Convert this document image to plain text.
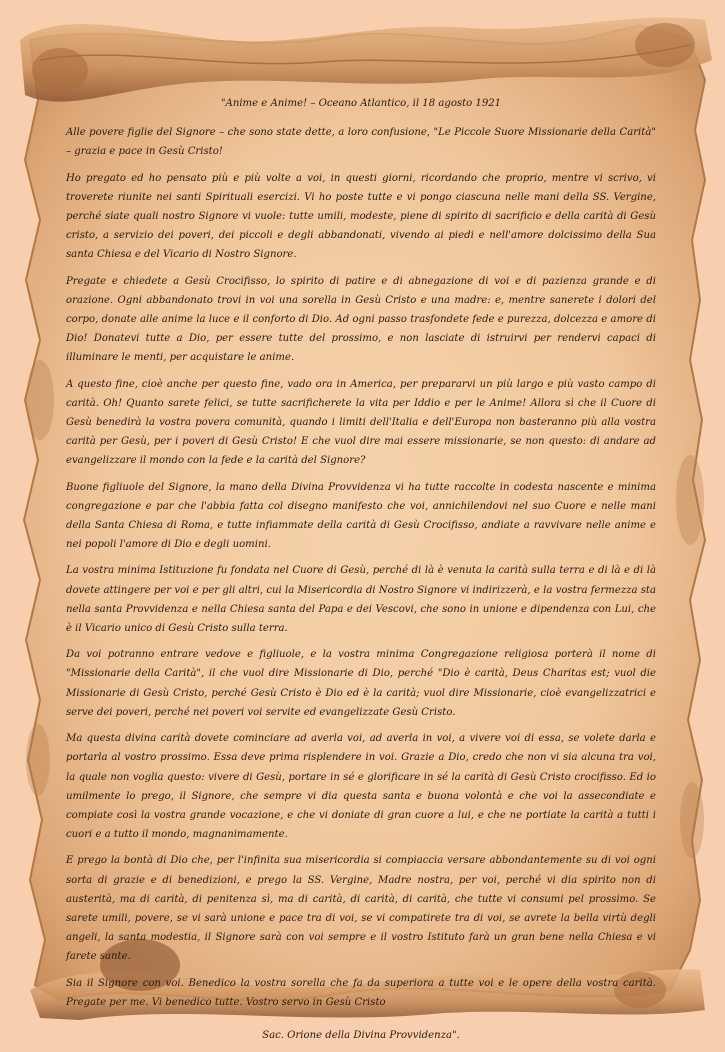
"Anime e Anime! – Oceano Atlantico, il 18 agosto 1921

Alle povere figlie del Signore – che sono state dette, a loro confusione, "Le Piccole Suore Missionarie della Carità" – grazia e pace in Gesù Cristo!

Ho pregato ed ho pensato più e più volte a voi, in questi giorni, ricordando che proprio, mentre vi scrivo, vi troverete riunite nei santi Spirituali esercizi. Vi ho poste tutte e vi pongo ciascuna nelle mani della SS. Vergine, perché siate quali nostro Signore vi vuole: tutte umili, modeste, piene di spirito di sacrificio e della carità di Gesù cristo, a servizio dei poveri, dei piccoli e degli abbandonati, vivendo ai piedi e nell'amore dolcissimo della Sua santa Chiesa e del Vicario di Nostro Signore.

Pregate e chiedete a Gesù Crocifisso, lo spirito di patire e di abnegazione di voi e di pazienza grande e di orazione. Ogni abbandonato trovi in voi una sorella in Gesù Cristo e una madre: e, mentre sanerete i dolori del corpo, donate alle anime la luce e il conforto di Dio. Ad ogni passo trasfondete fede e purezza, dolcezza e amore di Dio! Donatevi tutte a Dio, per essere tutte del prossimo, e non lasciate di istruirvi per rendervi capaci di illuminare le menti, per acquistare le anime.

A questo fine, cioè anche per questo fine, vado ora in America, per prepararvi un più largo e più vasto campo di carità. Oh! Quanto sarete felici, se tutte sacrificherete la vita per Iddio e per le Anime! Allora sì che il Cuore di Gesù benedirà la vostra povera comunità, quando i limiti dell'Italia e dell'Europa non basteranno più alla vostra carità per Gesù, per i poveri di Gesù Cristo! E che vuol dire mai essere missionarie, se non questo: di andare ad evangelizzare il mondo con la fede e la carità del Signore?

Buone figliuole del Signore, la mano della Divina Provvidenza vi ha tutte raccolte in codesta nascente e minima congregazione e par che l'abbia fatta col disegno manifesto che voi, annichilendovi nel suo Cuore e nelle mani della Santa Chiesa di Roma, e tutte infiammate della carità di Gesù Crocifisso, andiate a ravvivare nelle anime e nei popoli l'amore di Dio e degli uomini.

La vostra minima Istituzione fu fondata nel Cuore di Gesù, perché di là è venuta la carità sulla terra e di là e di là dovete attingere per voi e per gli altri, cui la Misericordia di Nostro Signore vi indirizzerà, e la vostra fermezza sta nella santa Provvidenza e nella Chiesa santa del Papa e dei Vescovi, che sono in unione e dipendenza con Lui, che è il Vicario unico di Gesù Cristo sulla terra.

Da voi potranno entrare vedove e figliuole, e la vostra minima Congregazione religiosa porterà il nome di "Missionarie della Carità", il che vuol dire Missionarie di Dio, perché "Dio è carità, Deus Charitas est; vuol die Missionarie di Gesù Cristo, perché Gesù Cristo è Dio ed è la carità; vuol dire Missionarie, cioè evangelizzatrici e serve dei poveri, perché nei poveri voi servite ed evangelizzate Gesù Cristo.

Ma questa divina carità dovete cominciare ad averla voi, ad averla in voi, a vivere voi di essa, se volete darla e portarla al vostro prossimo. Essa deve prima risplendere in voi. Grazie a Dio, credo che non vi sia alcuna tra voi, la quale non voglia questo: vivere di Gesù, portare in sé e glorificare in sé la carità di Gesù Cristo crocifisso. Ed io umilmente lo prego, il Signore, che sempre vi dia questa santa e buona volontà e che voi la assecondiate e compiate così la vostra grande vocazione, e che vi doniate di gran cuore a lui, e che ne portiate la carità a tutti i cuori e a tutto il mondo, magnanimamente.

E prego la bontà di Dio che, per l'infinita sua misericordia si compiaccia versare abbondantemente su di voi ogni sorta di grazie e di benedizioni, e prego la SS. Vergine, Madre nostra, per voi, perché vi dia spirito non di austerità, ma di carità, di penitenza sì, ma di carità, di carità, di carità, che tutte vi consumi pel prossimo. Se sarete umili, povere, se vi sarà unione e pace tra di voi, se vi compatirete tra di voi, se avrete la bella virtù degli angeli, la santa modestia, il Signore sarà con voi sempre e il vostro Istituto farà un gran bene nella Chiesa e vi farete sante.

Sia il Signore con voi. Benedico la vostra sorella che fa da superiora a tutte voi e le opere della vostra carità. Pregate per me. Vi benedico tutte. Vostro servo in Gesù Cristo

Sac. Orione della Divina Provvidenza".
